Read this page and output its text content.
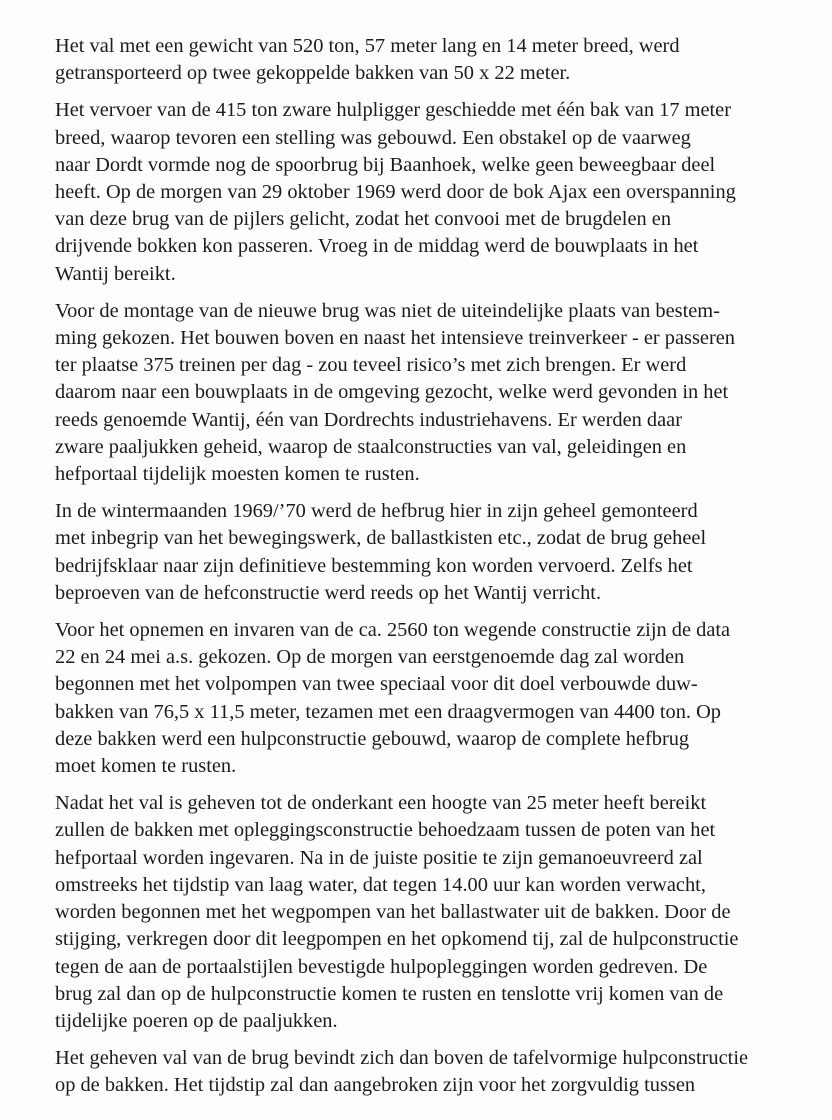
Het val met een gewicht van 520 ton, 57 meter lang en 14 meter breed, werd
getransporteerd op twee gekoppelde bakken van 50 x 22 meter.

Het vervoer van de 415 ton zware hulpligger geschiedde met één bak van 17 meter
breed, waarop tevoren een stelling was gebouwd. Een obstakel op de vaarweg
naar Dordt vormde nog de spoorbrug bij Baanhoek, welke geen beweegbaar deel
heeft. Op de morgen van 29 oktober 1969 werd door de bok Ajax een overspanning
van deze brug van de pijlers gelicht, zodat het convooi met de brugdelen en
drijvende bokken kon passeren. Vroeg in de middag werd de bouwplaats in het
Wantij bereikt.

Voor de montage van de nieuwe brug was niet de uiteindelijke plaats van bestem-
ming gekozen. Het bouwen boven en naast het intensieve treinverkeer - er passeren
ter plaatse 375 treinen per dag - zou teveel risico’s met zich brengen. Er werd
daarom naar een bouwplaats in de omgeving gezocht, welke werd gevonden in het
reeds genoemde Wantij, één van Dordrechts industriehavens. Er werden daar
zware paaljukken geheid, waarop de staalconstructies van val, geleidingen en
hefportaal tijdelijk moesten komen te rusten.

In de wintermaanden 1969/’70 werd de hefbrug hier in zijn geheel gemonteerd
met inbegrip van het bewegingswerk, de ballastkisten etc., zodat de brug geheel
bedrijfsklaar naar zijn definitieve bestemming kon worden vervoerd. Zelfs het
beproeven van de hefconstructie werd reeds op het Wantij verricht.

Voor het opnemen en invaren van de ca. 2560 ton wegende constructie zijn de data
22 en 24 mei a.s. gekozen. Op de morgen van eerstgenoemde dag zal worden
begonnen met het volpompen van twee speciaal voor dit doel verbouwde duw-
bakken van 76,5 x 11,5 meter, tezamen met een draagvermogen van 4400 ton. Op
deze bakken werd een hulpconstructie gebouwd, waarop de complete hefbrug
moet komen te rusten.

Nadat het val is geheven tot de onderkant een hoogte van 25 meter heeft bereikt
zullen de bakken met opleggingsconstructie behoedzaam tussen de poten van het
hefportaal worden ingevaren. Na in de juiste positie te zijn gemanoeuvreerd zal
omstreeks het tijdstip van laag water, dat tegen 14.00 uur kan worden verwacht,
worden begonnen met het wegpompen van het ballastwater uit de bakken. Door de
stijging, verkregen door dit leegpompen en het opkomend tij, zal de hulpconstructie
tegen de aan de portaalstijlen bevestigde hulpopleggingen worden gedreven. De
brug zal dan op de hulpconstructie komen te rusten en tenslotte vrij komen van de
tijdelijke poeren op de paaljukken.

Het geheven val van de brug bevindt zich dan boven de tafelvormige hulpconstructie
op de bakken. Het tijdstip zal dan aangebroken zijn voor het zorgvuldig tussen
